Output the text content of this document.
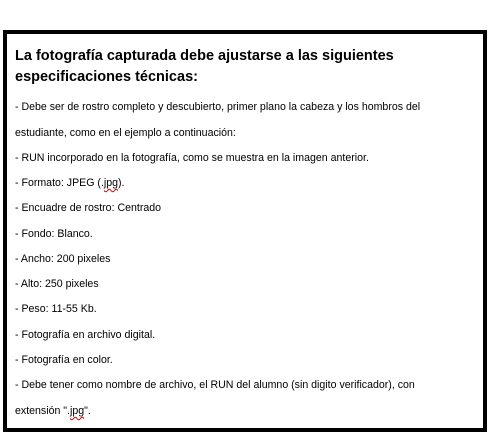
La fotografía capturada debe ajustarse a las siguientes especificaciones técnicas:

- Debe ser de rostro completo y descubierto, primer plano la cabeza y los hombros del
estudiante, como en el ejemplo a continuación:
- RUN incorporado en la fotografía, como se muestra en la imagen anterior.
- Formato: JPEG (.jpg).
- Encuadre de rostro: Centrado
- Fondo: Blanco.
- Ancho: 200 pixeles
- Alto: 250 pixeles
- Peso: 11-55 Kb.
- Fotografía en archivo digital.
- Fotografía en color.
- Debe tener como nombre de archivo, el RUN del alumno (sin digito verificador), con
extensión ".jpg".
